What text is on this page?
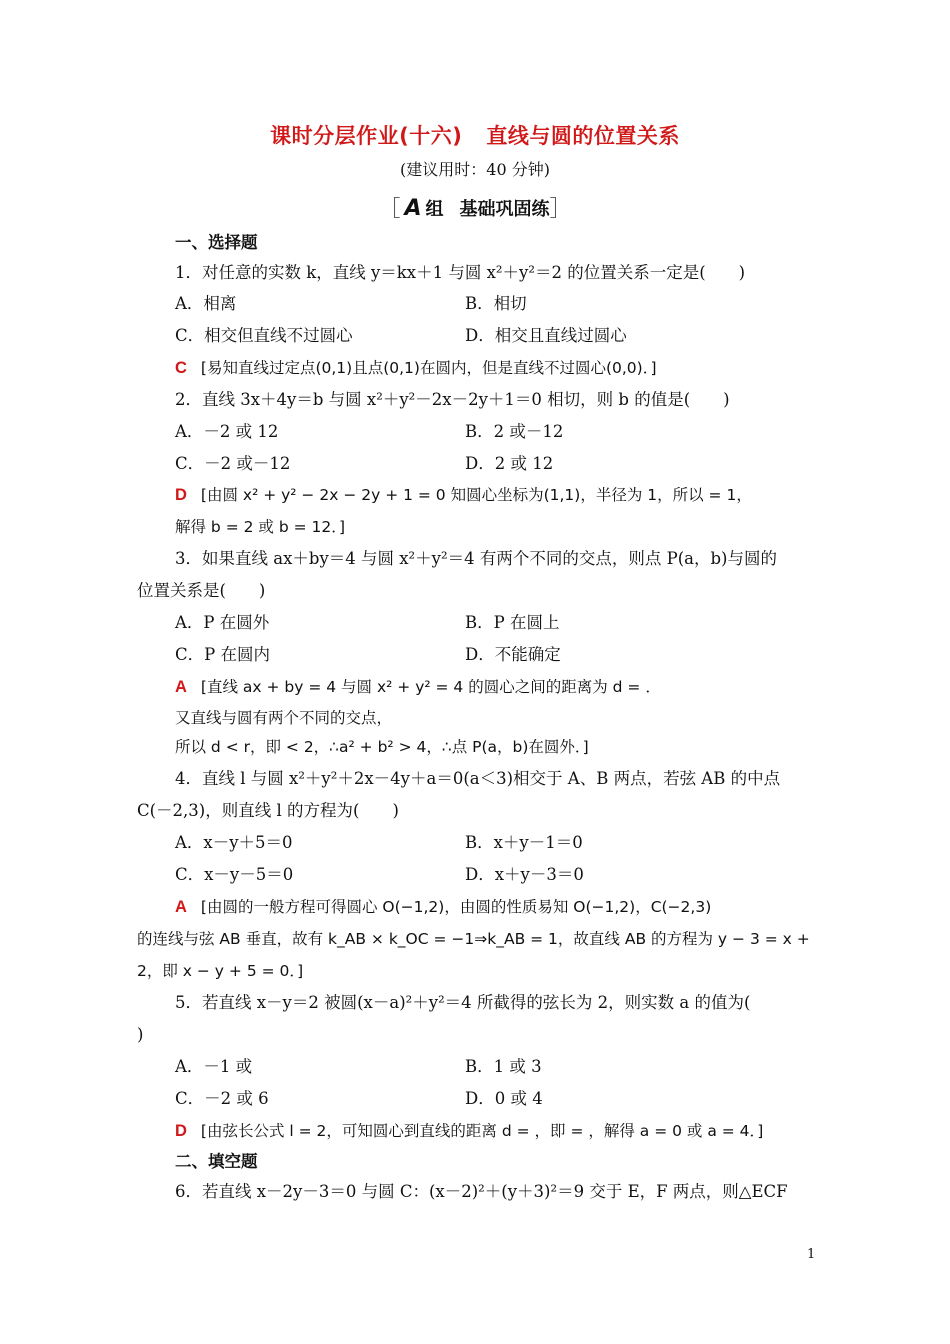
课时分层作业(十六) 直线与圆的位置关系
(建议用时：40 分钟)
［ A 组 基础巩固练］
一、选择题
1．对任意的实数 k，直线 y＝kx＋1 与圆 x²＋y²＝2 的位置关系一定是(　　)
A．相离	B．相切
C．相交但直线不过圆心	D．相交且直线过圆心
C [易知直线过定点(0,1)且点(0,1)在圆内，但是直线不过圆心(0,0)．]
2．直线 3x＋4y＝b 与圆 x²＋y²－2x－2y＋1＝0 相切，则 b 的值是(　　)
A．－2 或 12	B．2 或－12
C．－2 或－12	D．2 或 12
D [由圆 x² + y² − 2x − 2y + 1 = 0 知圆心坐标为(1,1)，半径为 1，所以 = 1，
解得 b = 2 或 b = 12．]
3．如果直线 ax＋by＝4 与圆 x²＋y²＝4 有两个不同的交点，则点 P(a，b)与圆的
位置关系是(　　)
A．P 在圆外	B．P 在圆上
C．P 在圆内	D．不能确定
A [直线 ax + by = 4 与圆 x² + y² = 4 的圆心之间的距离为 d = ．
又直线与圆有两个不同的交点，
所以 d < r，即 < 2，∴a² + b² > 4，∴点 P(a，b)在圆外．]
4．直线 l 与圆 x²＋y²＋2x－4y＋a＝0(a＜3)相交于 A、B 两点，若弦 AB 的中点
C(－2,3)，则直线 l 的方程为(　　)
A．x－y＋5＝0	B．x＋y－1＝0
C．x－y－5＝0	D．x＋y－3＝0
A [由圆的一般方程可得圆心 O(−1,2)，由圆的性质易知 O(−1,2)，C(−2,3)
的连线与弦 AB 垂直，故有 k_AB × k_OC = −1⇒k_AB = 1，故直线 AB 的方程为 y − 3 = x +
2，即 x − y + 5 = 0．]
5．若直线 x－y＝2 被圆(x－a)²＋y²＝4 所截得的弦长为 2，则实数 a 的值为(
)
A．－1 或	B．1 或 3
C．－2 或 6	D．0 或 4
D [由弦长公式 l = 2，可知圆心到直线的距离 d = ，即 = ，解得 a = 0 或 a = 4．]
二、填空题
6．若直线 x－2y－3＝0 与圆 C：(x－2)²＋(y＋3)²＝9 交于 E，F 两点，则△ECF
1
